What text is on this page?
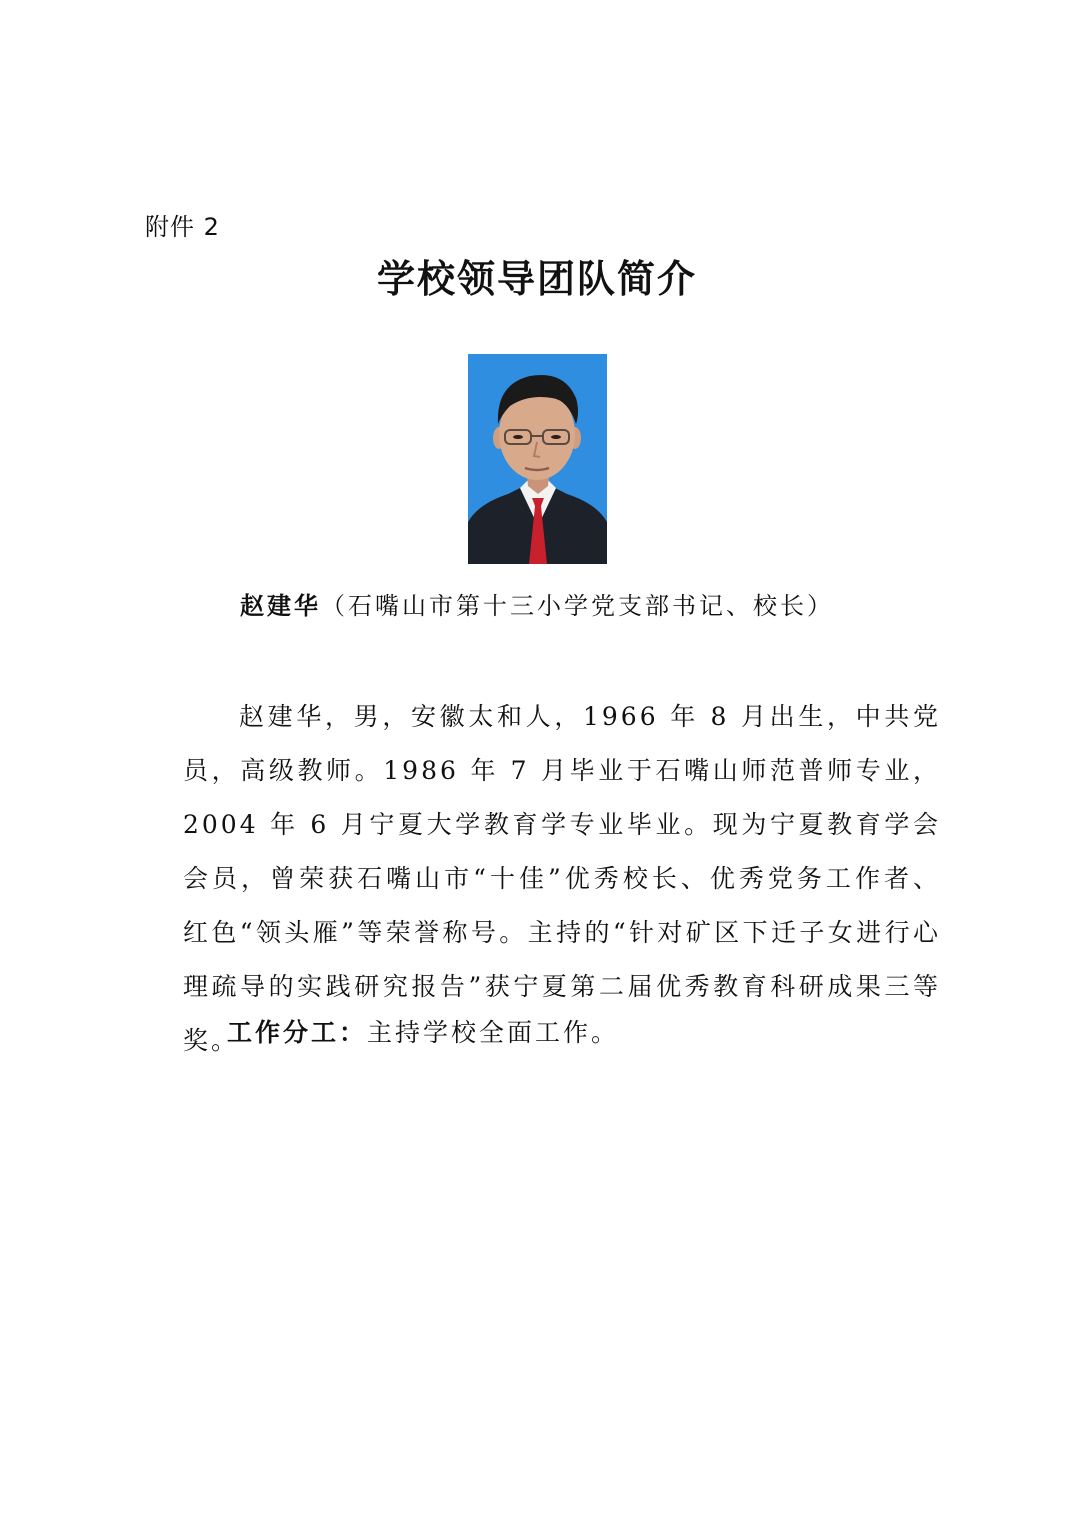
附件 2
学校领导团队简介
赵建华（石嘴山市第十三小学党支部书记、校长）

赵建华，男，安徽太和人，1966 年 8 月出生，中共党员，高级教师。1986 年 7 月毕业于石嘴山师范普师专业，2004 年 6 月宁夏大学教育学专业毕业。现为宁夏教育学会会员，曾荣获石嘴山市“十佳”优秀校长、优秀党务工作者、红色“领头雁”等荣誉称号。主持的“针对矿区下迁子女进行心理疏导的实践研究报告”获宁夏第二届优秀教育科研成果三等奖。

工作分工：主持学校全面工作。
